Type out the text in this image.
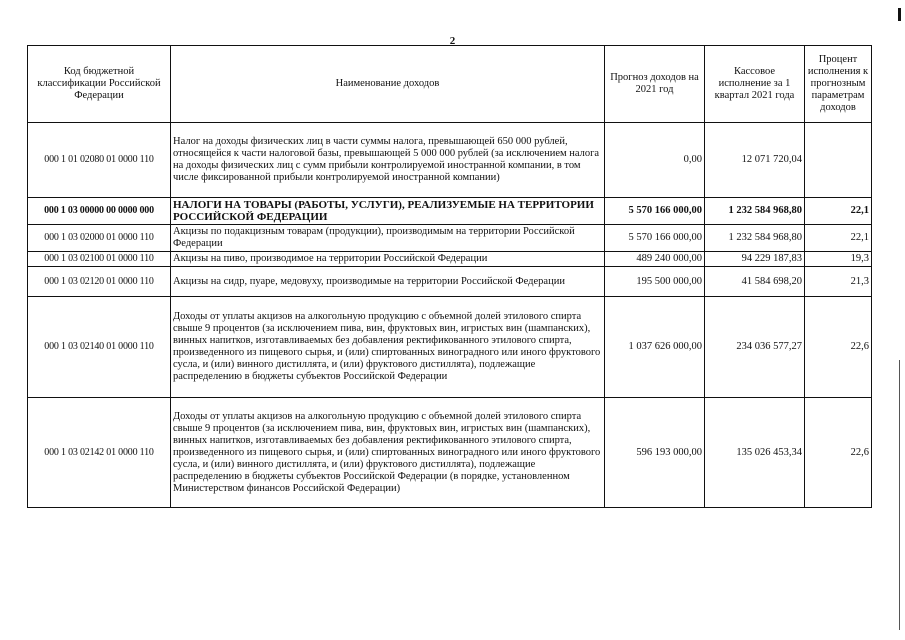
2
Код бюджетной классификации Российской Федерации	Наименование доходов	Прогноз доходов на 2021 год	Кассовое исполнение за 1 квартал 2021 года	Процент исполнения к прогнозным параметрам доходов
000 1 01 02080 01 0000 110	Налог на доходы физических лиц в части суммы налога, превышающей 650 000 рублей, относящейся к части налоговой базы, превышающей 5 000 000 рублей (за исключением налога на доходы физических лиц с сумм прибыли контролируемой иностранной компании, в том числе фиксированной прибыли контролируемой иностранной компании)	0,00	12 071 720,04	
000 1 03 00000 00 0000 000	НАЛОГИ НА ТОВАРЫ (РАБОТЫ, УСЛУГИ), РЕАЛИЗУЕМЫЕ НА ТЕРРИТОРИИ РОССИЙСКОЙ ФЕДЕРАЦИИ	5 570 166 000,00	1 232 584 968,80	22,1
000 1 03 02000 01 0000 110	Акцизы по подакцизным товарам (продукции), производимым на территории Российской Федерации	5 570 166 000,00	1 232 584 968,80	22,1
000 1 03 02100 01 0000 110	Акцизы на пиво, производимое на территории Российской Федерации	489 240 000,00	94 229 187,83	19,3
000 1 03 02120 01 0000 110	Акцизы на сидр, пуаре, медовуху, производимые на территории Российской Федерации	195 500 000,00	41 584 698,20	21,3
000 1 03 02140 01 0000 110	Доходы от уплаты акцизов на алкогольную продукцию с объемной долей этилового спирта свыше 9 процентов (за исключением пива, вин, фруктовых вин, игристых вин (шампанских), винных напитков, изготавливаемых без добавления ректификованного этилового спирта, произведенного из пищевого сырья, и (или) спиртованных виноградного или иного фруктового сусла, и (или) винного дистиллята, и (или) фруктового дистиллята), подлежащие распределению в бюджеты субъектов Российской Федерации	1 037 626 000,00	234 036 577,27	22,6
000 1 03 02142 01 0000 110	Доходы от уплаты акцизов на алкогольную продукцию с объемной долей этилового спирта свыше 9 процентов (за исключением пива, вин, фруктовых вин, игристых вин (шампанских), винных напитков, изготавливаемых без добавления ректификованного этилового спирта, произведенного из пищевого сырья, и (или) спиртованных виноградного или иного фруктового сусла, и (или) винного дистиллята, и (или) фруктового дистиллята), подлежащие распределению в бюджеты субъектов Российской Федерации (в порядке, установленном Министерством финансов Российской Федерации)	596 193 000,00	135 026 453,34	22,6
